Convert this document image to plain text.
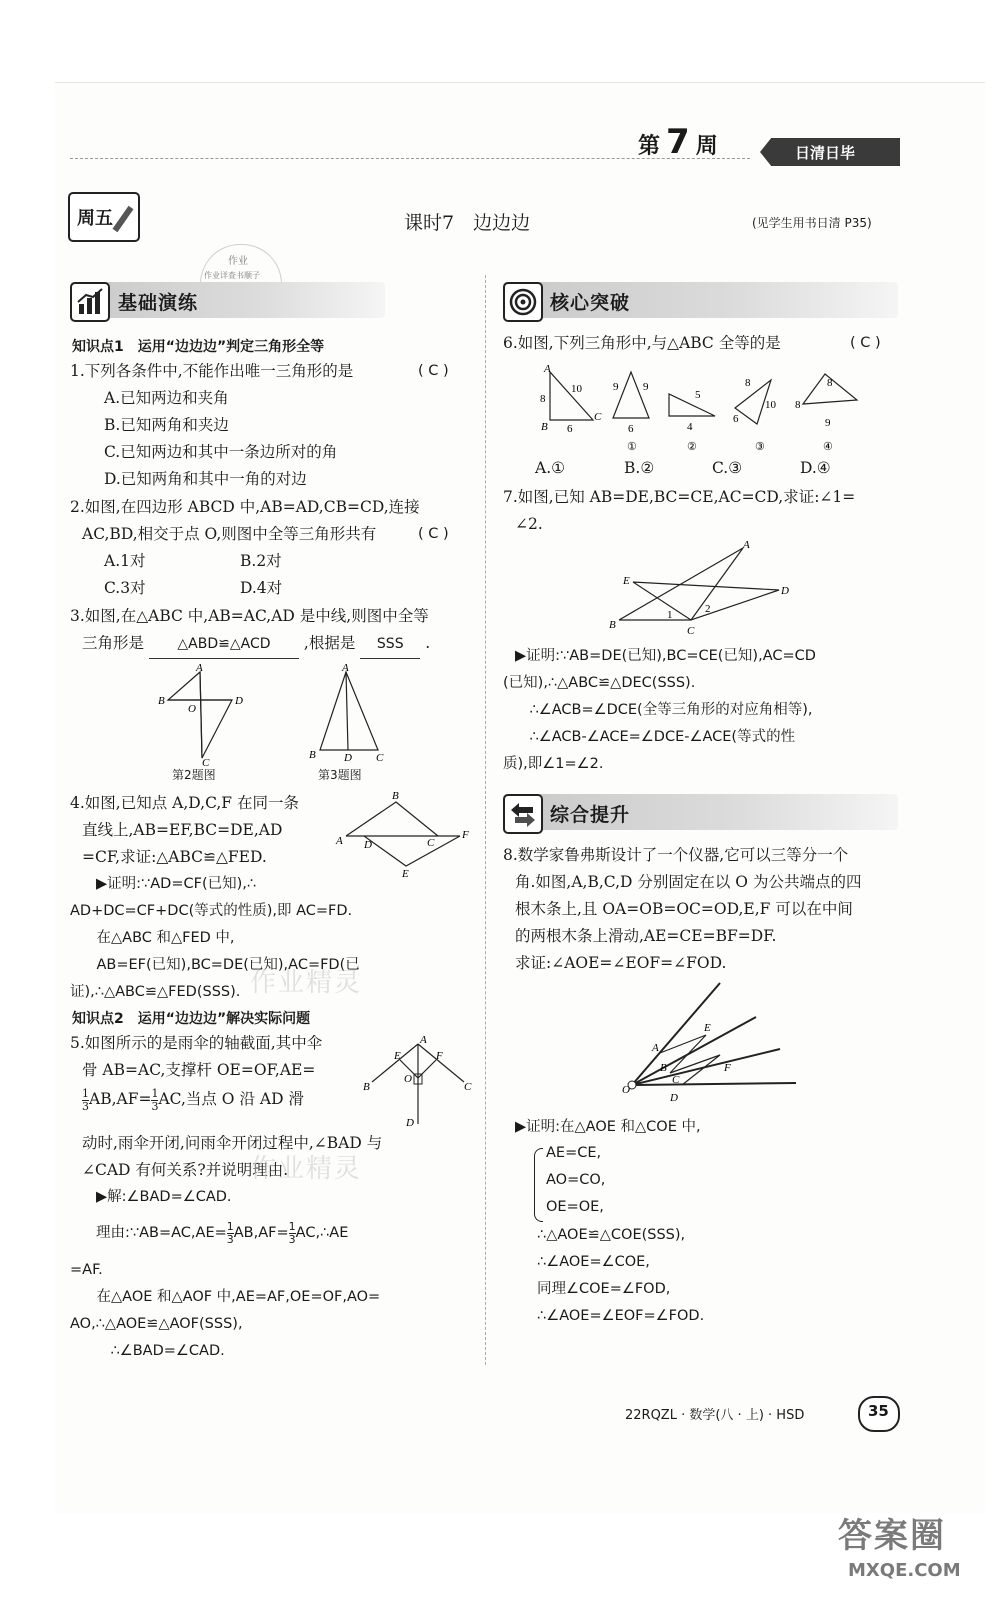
第 7 周	日清日毕
周五	课时7　边边边	(见学生用书日清 P35)
作业
作业详查书顺子
基础演练	核心突破
综合提升
知识点1　运用“边边边”判定三角形全等
1.下列各条件中,不能作出唯一三角形的是	( C )
A.已知两边和夹角
B.已知两角和夹边
C.已知两边和其中一条边所对的角
D.已知两角和其中一角的对边
2.如图,在四边形 ABCD 中,AB=AD,CB=CD,连接
AC,BD,相交于点 O,则图中全等三角形共有	( C )
A.1对	B.2对
C.3对	D.4对
3.如图,在△ABC 中,AB=AC,AD 是中线,则图中全等
三角形是 △ABD≌△ACD ,根据是 SSS .
A
B
O
D
C
第2题图
A
B	D C
第3题图
4.如图,已知点 A,D,C,F 在同一条
直线上,AB=EF,BC=DE,AD
=CF,求证:△ABC≌△FED.
B
A D	C
F
E
▶证明:∵AD=CF(已知),∴
AD+DC=CF+DC(等式的性质),即 AC=FD.
　在△ABC 和△FED 中,
　AB=EF(已知),BC=DE(已知),AC=FD(已
证),∴△ABC≌△FED(SSS). 作业精灵
知识点2　运用“边边边”解决实际问题
5.如图所示的是雨伞的轴截面,其中伞
骨 AB=AC,支撑杆 OE=OF,AE=
$\frac{1}{3} AB,AF= \frac{1}{3}$ AC,当点 O 沿 AD 滑
动时,雨伞开闭,问雨伞开闭过程中,∠BAD 与
∠CAD 有何关系?并说明理由.
A
E	F
B	C
O
D
作业精灵
▶解:∠BAD=∠CAD.
理由:∵AB=AC,AE= $\frac{1}{3} AB,AF= \frac{1}{3}$ AC,∴AE
=AF.
　在△AOE 和△AOF 中,AE=AF,OE=OF,AO=
AO,∴△AOE≌△AOF(SSS),
　∴∠BAD=∠CAD.
6.如图,下列三角形中,与△ABC 全等的是	( C )
A
B
C
10
8
6
9 9
6
①
5
4
②
8
10
6
③
8
8
9
④
A.①	B.②	C.③	D.④
7.如图,已知 AB=DE,BC=CE,AC=CD,求证:∠1=
∠2.
A
E
D
B
1	2
C
▶证明:∵AB=DE(已知),BC=CE(已知),AC=CD
(已知),∴△ABC≌△DEC(SSS).
　∴∠ACB=∠DCE(全等三角形的对应角相等),
　∴∠ACB-∠ACE=∠DCE-∠ACE(等式的性
质),即∠1=∠2.
8.数学家鲁弗斯设计了一个仪器,它可以三等分一个
角.如图,A,B,C,D 分别固定在以 O 为公共端点的四
根木条上,且 OA=OB=OC=OD,E,F 可以在中间
的两根木条上滑动,AE=CE=BF=DF.
求证:∠AOE=∠EOF=∠FOD.
E
A
B
C
F
O
D
▶证明:在△AOE 和△COE 中,
AE=CE,
AO=CO,
OE=OE,
∴△AOE≌△COE(SSS),
∴∠AOE=∠COE,
同理∠COE=∠FOD,
∴∠AOE=∠EOF=∠FOD.
22RQZL · 数学(八 · 上) · HSD	35
答案圈
MXQE.COM
